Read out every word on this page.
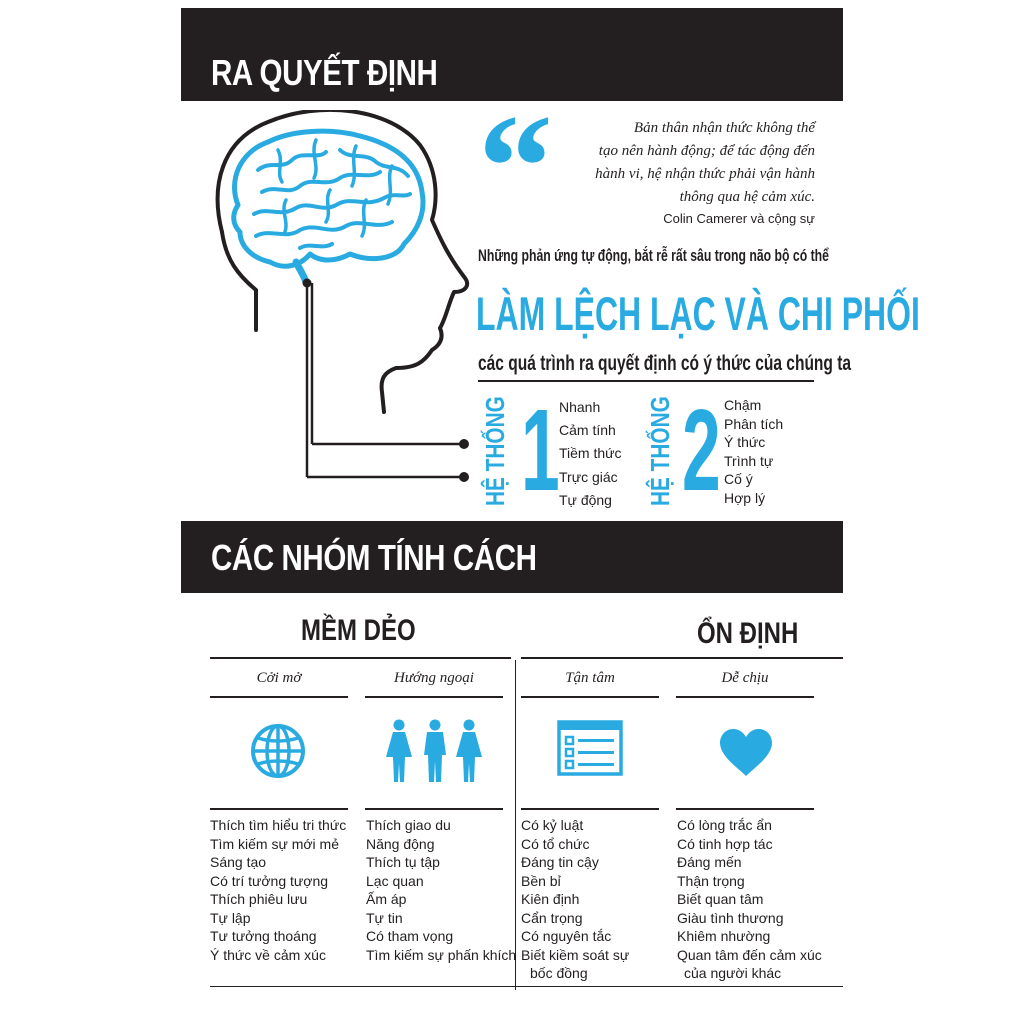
RA QUYẾT ĐỊNH
“	Bản thân nhận thức không thể
tạo nên hành động; để tác động đến
hành vi, hệ nhận thức phải vận hành
thông qua hệ cảm xúc.
Colin Camerer và cộng sự
Những phản ứng tự động, bắt rễ rất sâu trong não bộ có thể
LÀM LỆCH LẠC VÀ CHI PHỐI
các quá trình ra quyết định có ý thức của chúng ta
HỆ THỐNG 1 Nhanh
Cảm tính
Tiềm thức
Trực giác
Tự động	HỆ THỐNG 2 Chậm
Phân tích
Ý thức
Trình tự
Cố ý
Hợp lý
CÁC NHÓM TÍNH CÁCH
MỀM DẺO	ỔN ĐỊNH
Cởi mở
Thích tìm hiểu tri thức
Tìm kiếm sự mới mẻ
Sáng tạo
Có trí tưởng tượng
Thích phiêu lưu
Tự lập
Tư tưởng thoáng
Ý thức về cảm xúc
Hướng ngoại
Thích giao du
Năng động
Thích tụ tập
Lạc quan
Ấm áp
Tự tin
Có tham vọng
Tìm kiếm sự phấn khích
Tận tâm
Có kỷ luật
Có tổ chức
Đáng tin cậy
Bền bỉ
Kiên định
Cẩn trọng
Có nguyên tắc
Biết kiềm soát sự
bốc đồng
Dễ chịu
Có lòng trắc ẩn
Có tinh hợp tác
Đáng mến
Thận trọng
Biết quan tâm
Giàu tình thương
Khiêm nhường
Quan tâm đến cảm xúc
của người khác
